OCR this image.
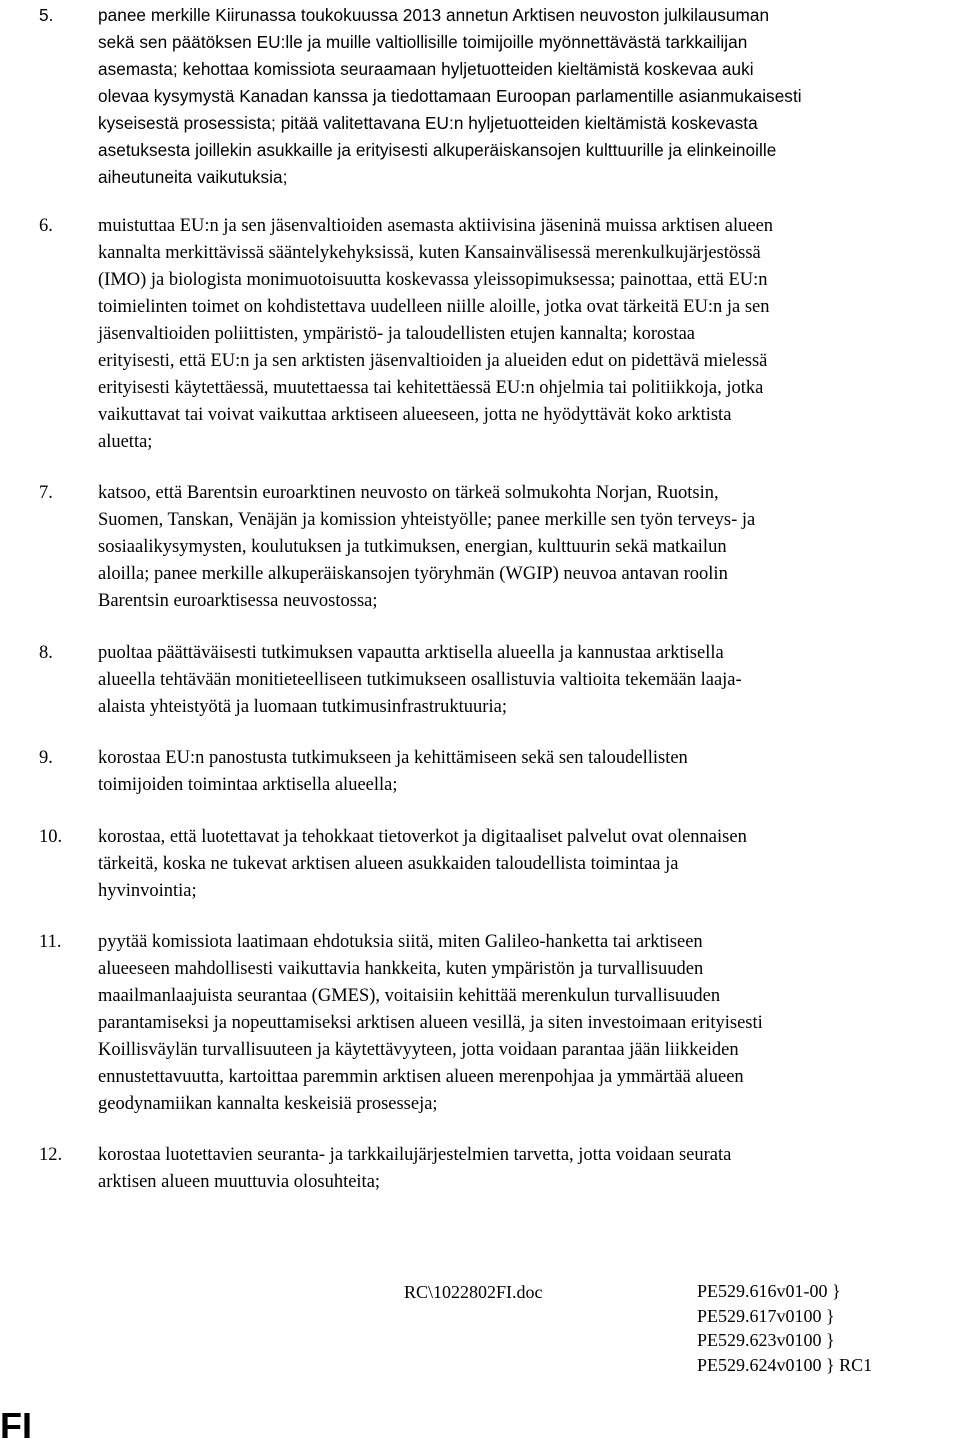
5.	panee merkille Kiirunassa toukokuussa 2013 annetun Arktisen neuvoston julkilausuman
sekä sen päätöksen EU:lle ja muille valtiollisille toimijoille myönnettävästä tarkkailijan
asemasta; kehottaa komissiota seuraamaan hyljetuotteiden kieltämistä koskevaa auki
olevaa kysymystä Kanadan kanssa ja tiedottamaan Euroopan parlamentille asianmukaisesti
kyseisestä prosessista; pitää valitettavana EU:n hyljetuotteiden kieltämistä koskevasta
asetuksesta joillekin asukkaille ja erityisesti alkuperäiskansojen kulttuurille ja elinkeinoille
aiheutuneita vaikutuksia;
6. muistuttaa EU:n ja sen jäsenvaltioiden asemasta aktiivisina jäseninä muissa arktisen alueen
kannalta merkittävissä sääntelykehyksissä, kuten Kansainvälisessä merenkulkujärjestössä
(IMO) ja biologista monimuotoisuutta koskevassa yleissopimuksessa; painottaa, että EU:n
toimielinten toimet on kohdistettava uudelleen niille aloille, jotka ovat tärkeitä EU:n ja sen
jäsenvaltioiden poliittisten, ympäristö- ja taloudellisten etujen kannalta; korostaa
erityisesti, että EU:n ja sen arktisten jäsenvaltioiden ja alueiden edut on pidettävä mielessä
erityisesti käytettäessä, muutettaessa tai kehitettäessä EU:n ohjelmia tai politiikkoja, jotka
vaikuttavat tai voivat vaikuttaa arktiseen alueeseen, jotta ne hyödyttävät koko arktista
aluetta;
7. katsoo, että Barentsin euroarktinen neuvosto on tärkeä solmukohta Norjan, Ruotsin,
Suomen, Tanskan, Venäjän ja komission yhteistyölle; panee merkille sen työn terveys- ja
sosiaalikysymysten, koulutuksen ja tutkimuksen, energian, kulttuurin sekä matkailun
aloilla; panee merkille alkuperäiskansojen työryhmän (WGIP) neuvoa antavan roolin
Barentsin euroarktisessa neuvostossa;
8. puoltaa päättäväisesti tutkimuksen vapautta arktisella alueella ja kannustaa arktisella
alueella tehtävään monitieteelliseen tutkimukseen osallistuvia valtioita tekemään laaja-
alaista yhteistyötä ja luomaan tutkimusinfrastruktuuria;
9. korostaa EU:n panostusta tutkimukseen ja kehittämiseen sekä sen taloudellisten
toimijoiden toimintaa arktisella alueella;
10. korostaa, että luotettavat ja tehokkaat tietoverkot ja digitaaliset palvelut ovat olennaisen
tärkeitä, koska ne tukevat arktisen alueen asukkaiden taloudellista toimintaa ja
hyvinvointia;
11. pyytää komissiota laatimaan ehdotuksia siitä, miten Galileo-hanketta tai arktiseen
alueeseen mahdollisesti vaikuttavia hankkeita, kuten ympäristön ja turvallisuuden
maailmanlaajuista seurantaa (GMES), voitaisiin kehittää merenkulun turvallisuuden
parantamiseksi ja nopeuttamiseksi arktisen alueen vesillä, ja siten investoimaan erityisesti
Koillisväylän turvallisuuteen ja käytettävyyteen, jotta voidaan parantaa jään liikkeiden
ennustettavuutta, kartoittaa paremmin arktisen alueen merenpohjaa ja ymmärtää alueen
geodynamiikan kannalta keskeisiä prosesseja;
12. korostaa luotettavien seuranta- ja tarkkailujärjestelmien tarvetta, jotta voidaan seurata
arktisen alueen muuttuvia olosuhteita;
RC\1022802FI.doc	PE529.616v01-00 }
PE529.617v0100 }
PE529.623v0100 }
PE529.624v0100 } RC1
FI
